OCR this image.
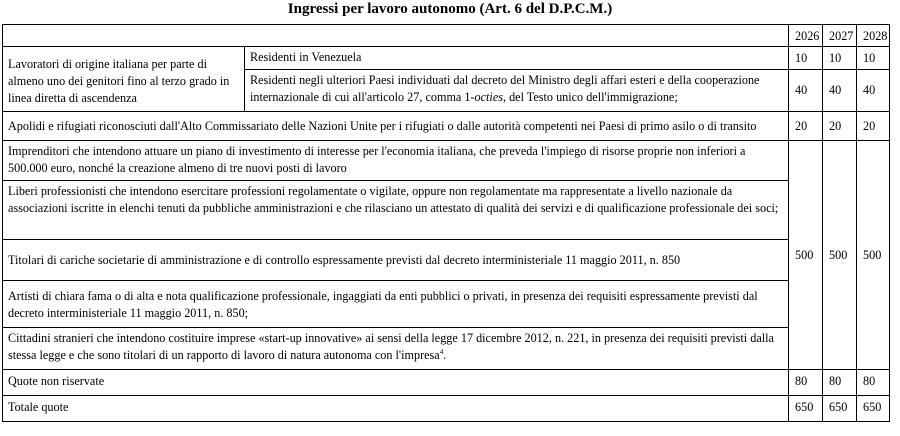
Ingressi per lavoro autonomo (Art. 6 del D.P.C.M.)
		2026	2027	2028
Lavoratori di origine italiana per parte di almeno uno dei genitori fino al terzo grado in linea diretta di ascendenza	Residenti in Venezuela	10	10	10
	Residenti negli ulteriori Paesi individuati dal decreto del Ministro degli affari esteri e della cooperazione internazionale di cui all'articolo 27, comma 1-octies, del Testo unico dell'immigrazione;	40	40	40
Apolidi e rifugiati riconosciuti dall'Alto Commissariato delle Nazioni Unite per i rifugiati o dalle autorità competenti nei Paesi di primo asilo o di transito		20	20	20
Imprenditori che intendono attuare un piano di investimento di interesse per l'economia italiana, che preveda l'impiego di risorse proprie non inferiori a 500.000 euro, nonché la creazione almeno di tre nuovi posti di lavoro		500	500	500
Liberi professionisti che intendono esercitare professioni regolamentate o vigilate, oppure non regolamentate ma rappresentate a livello nazionale da associazioni iscritte in elenchi tenuti da pubbliche amministrazioni e che rilasciano un attestato di qualità dei servizi e di qualificazione professionale dei soci;				
Titolari di cariche societarie di amministrazione e di controllo espressamente previsti dal decreto interministeriale 11 maggio 2011, n. 850				
Artisti di chiara fama o di alta e nota qualificazione professionale, ingaggiati da enti pubblici o privati, in presenza dei requisiti espressamente previsti dal decreto interministeriale 11 maggio 2011, n. 850;				
Cittadini stranieri che intendono costituire imprese «start-up innovative» ai sensi della legge 17 dicembre 2012, n. 221, in presenza dei requisiti previsti dalla stessa legge e che sono titolari di un rapporto di lavoro di natura autonoma con l'impresa$^4$.				
Quote non riservate		80	80	80
Totale quote		650	650	650
